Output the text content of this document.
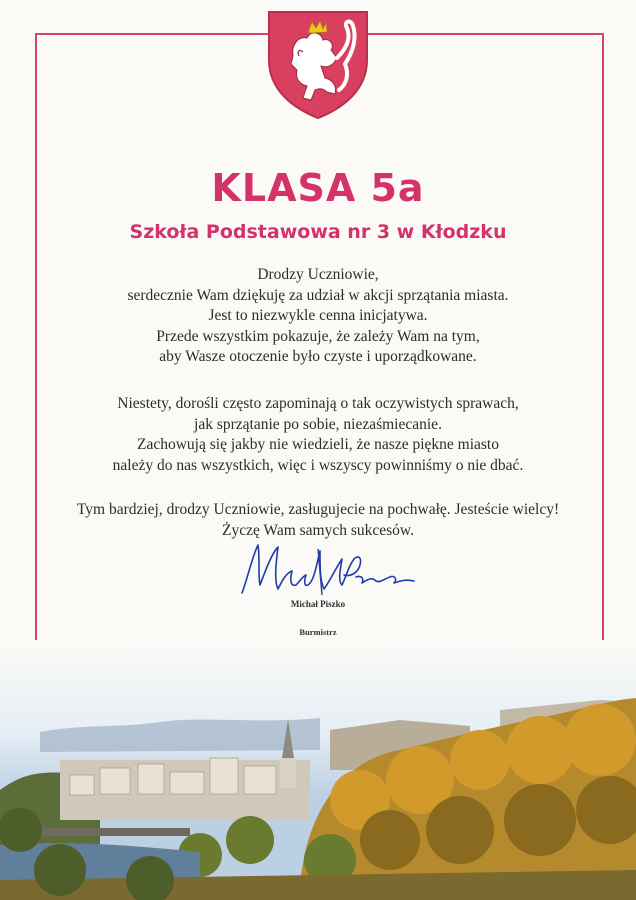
KLASA 5a
Szkoła Podstawowa nr 3 w Kłodzku
Drodzy Uczniowie,
serdecznie Wam dziękuję za udział w akcji sprzątania miasta.
Jest to niezwykle cenna inicjatywa.
Przede wszystkim pokazuje, że zależy Wam na tym,
aby Wasze otoczenie było czyste i uporządkowane.
Niestety, dorośli często zapominają o tak oczywistych sprawach,
jak sprzątanie po sobie, niezaśmiecanie.
Zachowują się jakby nie wiedzieli, że nasze piękne miasto
należy do nas wszystkich, więc i wszyscy powinniśmy o nie dbać.
Tym bardziej, drodzy Uczniowie, zasługujecie na pochwałę. Jesteście wielcy!
Życzę Wam samych sukcesów.
Michał Piszko
Burmistrz
